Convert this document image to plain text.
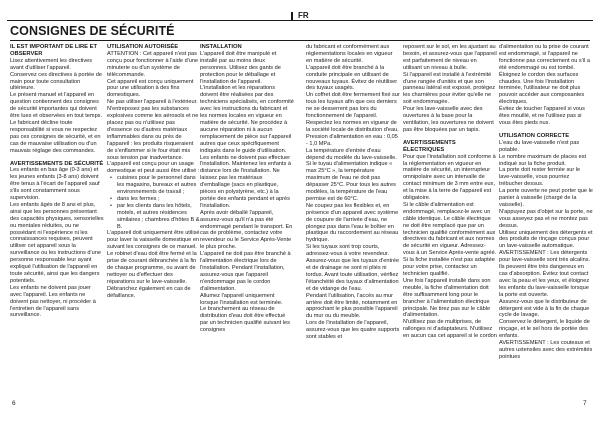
FR
CONSIGNES DE SÉCURITÉ
IL EST IMPORTANT DE LIRE ET OBSERVER

Lisez attentivement les directives avant d'utiliser l'appareil.

Conservez ces directives à portée de main pour toute consultation ultérieure.

Le présent manuel et l'appareil en question contiennent des consignes de sécurité importantes qui doivent être lues et observées en tout temps.

Le fabricant décline toute responsabilité si vous ne respectez pas ces consignes de sécurité, et en cas de mauvaise utilisation ou d'un mauvais réglage des commandes.

AVERTISSEMENTS DE SÉCURITÉ

Les enfants en bas âge (0-3 ans) et les jeunes enfants (3-8 ans) doivent être tenus à l'écart de l'appareil sauf s'ils sont constamment sous supervision.

Les enfants âgés de 8 ans et plus, ainsi que les personnes présentant des capacités physiques, sensorielles ou mentales réduites, ou ne possédant ni l'expérience ni les connaissances requises, peuvent utiliser cet appareil sous la surveillance ou les instructions d'une personne responsable leur ayant expliqué l'utilisation de l'appareil en toute sécurité, ainsi que les dangers potentiels.

Les enfants ne doivent pas jouer avec l'appareil. Les enfants ne doivent pas nettoyer, ni procéder à l'entretien de l'appareil sans surveillance.

UTILISATION AUTORISÉE

ATTENTION : Cet appareil n'est pas conçu pour fonctionner à l'aide d'une minuterie ou d'un système de télécommande.

Cet appareil est conçu uniquement pour une utilisation à des fins domestiques.

Ne pas utiliser l'appareil à l'extérieur.

N'entreposez pas les substances explosives comme les aérosols et ne placez pas ou n'utilisez pas d'essence ou d'autres matériaux inflammables dans ou près de l'appareil : les produits risqueraient de s'enflammer si le four était mis sous tension par inadvertance.

L'appareil est conçu pour un usage domestique et peut aussi être utilisé :

• cuisines pour le personnel dans les magasins, bureaux et autres environnements de travail ;
• dans les fermes ;
• par les clients dans les hôtels, motels, et autres résidences similaires ; chambres d'hôtes B & B.

L'appareil doit uniquement être utilisé pour laver la vaisselle domestique en suivant les consignes de ce manuel.

Le robinet d'eau doit être fermé et la prise de courant débranchée à la fin de chaque programme, ou avant de nettoyer ou d'effectuer des réparations sur le lave-vaisselle. Débranchez également en cas de défaillance.

INSTALLATION

L'appareil doit être manipulé et installé par au moins deux personnes. Utilisez des gants de protection pour le déballage et l'installation de l'appareil.

L'installation et les réparations doivent être réalisées par des techniciens spécialisés, en conformité avec les instructions du fabricant et les normes locales en vigueur en matière de sécurité. Ne procédez à aucune réparation ni à aucun remplacement de pièce sur l'appareil autres que ceux spécifiquement indiqués dans le guide d'utilisation.

Les enfants ne doivent pas effectuer l'installation. Maintenez les enfants à distance lors de l'installation. Ne laissez pas les matériaux d'emballage (sacs en plastique, pièces en polystyrène, etc.) à la portée des enfants pendant et après l'installation.

Après avoir déballé l'appareil, assurez-vous qu'il n'a pas été endommagé pendant le transport. En cas de problème, contactez votre revendeur ou le Service Après-Vente le plus proche.

L'appareil ne doit pas être branché à l'alimentation électrique lors de l'installation. Pendant l'installation, assurez-vous que l'appareil n'endommage pas le cordon d'alimentation.

Allumez l'appareil uniquement lorsque l'installation est terminée.

Le branchement au réseau de distribution d'eau doit être effectué par un technicien qualifié suivant les consignes

du fabricant et conformément aux réglementations locales en vigueur en matière de sécurité.

L'appareil doit être branché à la conduite principale en utilisant de nouveaux tuyaux. Évitez de réutiliser des tuyaux usagés.

Un coffret doit être fermement fixé sur tous les tuyaux afin que ces derniers ne se desserrent pas lors du fonctionnement de l'appareil.

Respectez les normes en vigueur de la société locale de distribution d'eau. Pression d'alimentation en eau : 0,05 - 1,0 MPa.

La température d'entrée d'eau dépend du modèle du lave-vaisselle. Si le tuyau d'alimentation indique « max 25°C », la température maximum de l'eau ne doit pas dépasser 25°C. Pour tous les autres modèles, la température de l'eau permise est de 60°C.

Ne coupez pas les flexibles et, en présence d'un appareil avec système de coupure de l'arrivée d'eau, ne plongez pas dans l'eau le boîtier en plastique du raccordement au réseau hydrique.

Si les tuyaux sont trop courts, adressez-vous à votre revendeur.

Assurez-vous que les tuyaux d'entrée et de drainage ne sont ni pliés ni tordus. Avant toute utilisation, vérifiez l'étanchéité des tuyaux d'alimentation et de vidange de l'eau.

Pendant l'utilisation, l'accès au mur arrière doit être limité, notamment en approchant le plus possible l'appareil du mur ou du meuble.

Lors de l'installation de l'appareil, assurez-vous que les quatre supports sont stables et

reposent sur le sol, en les ajustant au besoin, et assurez-vous que l'appareil est parfaitement de niveau en utilisant un niveau à bulle.

Si l'appareil est installé à l'extrémité d'une rangée d'unités et que son panneau latéral est exposé, protégez les charnières pour éviter qu'elle ne soit endommagée.

Pour les lave-vaisselle avec des ouvertures à la base pour la ventilation, les ouvertures ne doivent pas être bloquées par un tapis.

AVERTISSEMENTS ÉLECTRIQUES

Pour que l'installation soit conforme à la réglementation en vigueur en matière de sécurité, un interrupteur omnipolaire avec un intervalle de contact minimum de 3 mm entre eux, et la mise à la terre de l'appareil est obligatoire.

Si le câble d'alimentation est endommagé, remplacez-le avec un câble identique. Le câble électrique ne doit être remplacé que par un technicien qualifié conformément aux directives du fabricant et aux normes de sécurité en vigueur. Adressez-vous à un Service Après-vente agréé. Si la fiche installée n'est pas adaptée pour votre prise, contactez un technicien qualifié.

Une fois l'appareil installé dans son meuble, la fiche d'alimentation doit être suffisamment long pour le brancher à l'alimentation électrique principale. Ne tirez pas sur le câble d'alimentation.

N'utilisez pas de multiprises, de rallonges ni d'adaptateurs. N'utilisez en aucun cas cet appareil si le cordon

d'alimentation ou la prise de courant est endommagé, si l'appareil ne fonctionne pas correctement ou s'il a été endommagé ou est tombé.

Éloignez le cordon des surfaces chaudes. Une fois l'installation terminée, l'utilisateur ne doit plus pouvoir accéder aux composantes électriques.

Évitez de toucher l'appareil si vous êtes mouillé, et ne l'utilisez pas si vous êtes pieds nus.

UTILISATION CORRECTE

L'eau du lave-vaisselle n'est pas potable.

Le nombre maximum de places est indiqué sur la fiche produit.

La porte doit rester fermée sur le lave-vaisselle, vous pourriez trébucher dessus.

La porte ouverte ne peut porter que le panier à vaisselle (chargé de la vaisselle).

N'appuyez pas d'objet sur la porte, ne vous asseyez pas et ne montez pas dessus.

Utilisez uniquement des détergents et des produits de rinçage conçus pour un lave-vaisselle automatique.

AVERTISSEMENT : Les détergents pour lave-vaisselle sont très alcalins. Ils peuvent être très dangereux en cas d'absorption. Évitez tout contact avec la peau et les yeux, et éloignez les enfants du lave-vaisselle lorsque la porte est ouverte.

Assurez-vous que le distributeur de détergent est vide à la fin de chaque cycle de lavage.

Conservez le détergent, le liquide de rinçage, et le sel hors de portée des enfants.

AVERTISSEMENT : Les couteaux et autres ustensiles avec des extrémités pointues

6	7
